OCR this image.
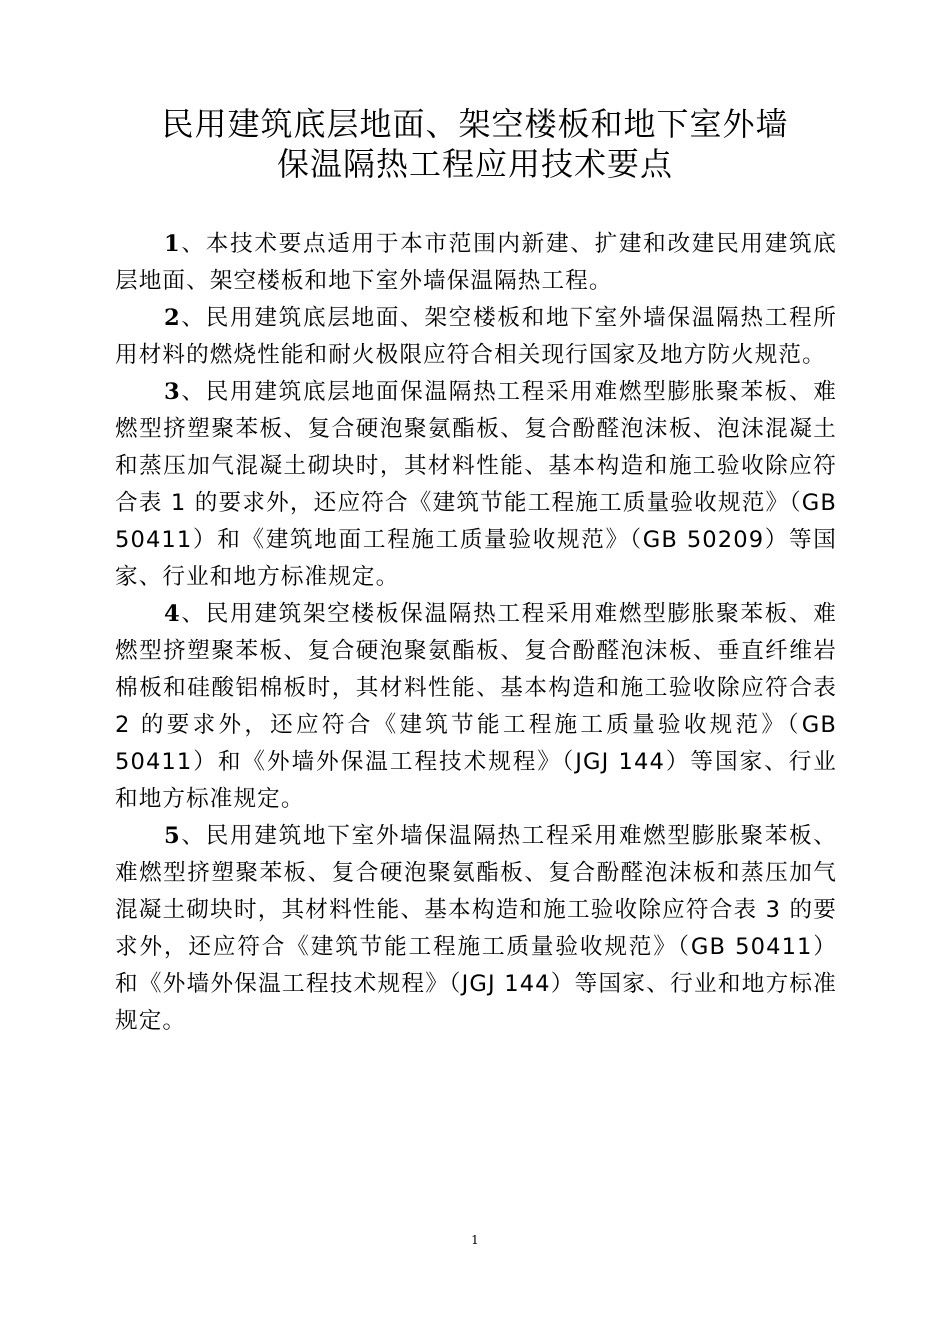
民用建筑底层地面、架空楼板和地下室外墙
保温隔热工程应用技术要点

1、本技术要点适用于本市范围内新建、扩建和改建民用建筑底层地面、架空楼板和地下室外墙保温隔热工程。

2、民用建筑底层地面、架空楼板和地下室外墙保温隔热工程所用材料的燃烧性能和耐火极限应符合相关现行国家及地方防火规范。

3、民用建筑底层地面保温隔热工程采用难燃型膨胀聚苯板、难燃型挤塑聚苯板、复合硬泡聚氨酯板、复合酚醛泡沫板、泡沫混凝土和蒸压加气混凝土砌块时，其材料性能、基本构造和施工验收除应符合表 1 的要求外，还应符合《建筑节能工程施工质量验收规范》（GB 50411）和《建筑地面工程施工质量验收规范》（GB 50209）等国家、行业和地方标准规定。

4、民用建筑架空楼板保温隔热工程采用难燃型膨胀聚苯板、难燃型挤塑聚苯板、复合硬泡聚氨酯板、复合酚醛泡沫板、垂直纤维岩棉板和硅酸铝棉板时，其材料性能、基本构造和施工验收除应符合表 2 的要求外，还应符合《建筑节能工程施工质量验收规范》（GB 50411）和《外墙外保温工程技术规程》（JGJ 144）等国家、行业和地方标准规定。

5、民用建筑地下室外墙保温隔热工程采用难燃型膨胀聚苯板、难燃型挤塑聚苯板、复合硬泡聚氨酯板、复合酚醛泡沫板和蒸压加气混凝土砌块时，其材料性能、基本构造和施工验收除应符合表 3 的要求外，还应符合《建筑节能工程施工质量验收规范》（GB 50411）和《外墙外保温工程技术规程》（JGJ 144）等国家、行业和地方标准规定。

1
